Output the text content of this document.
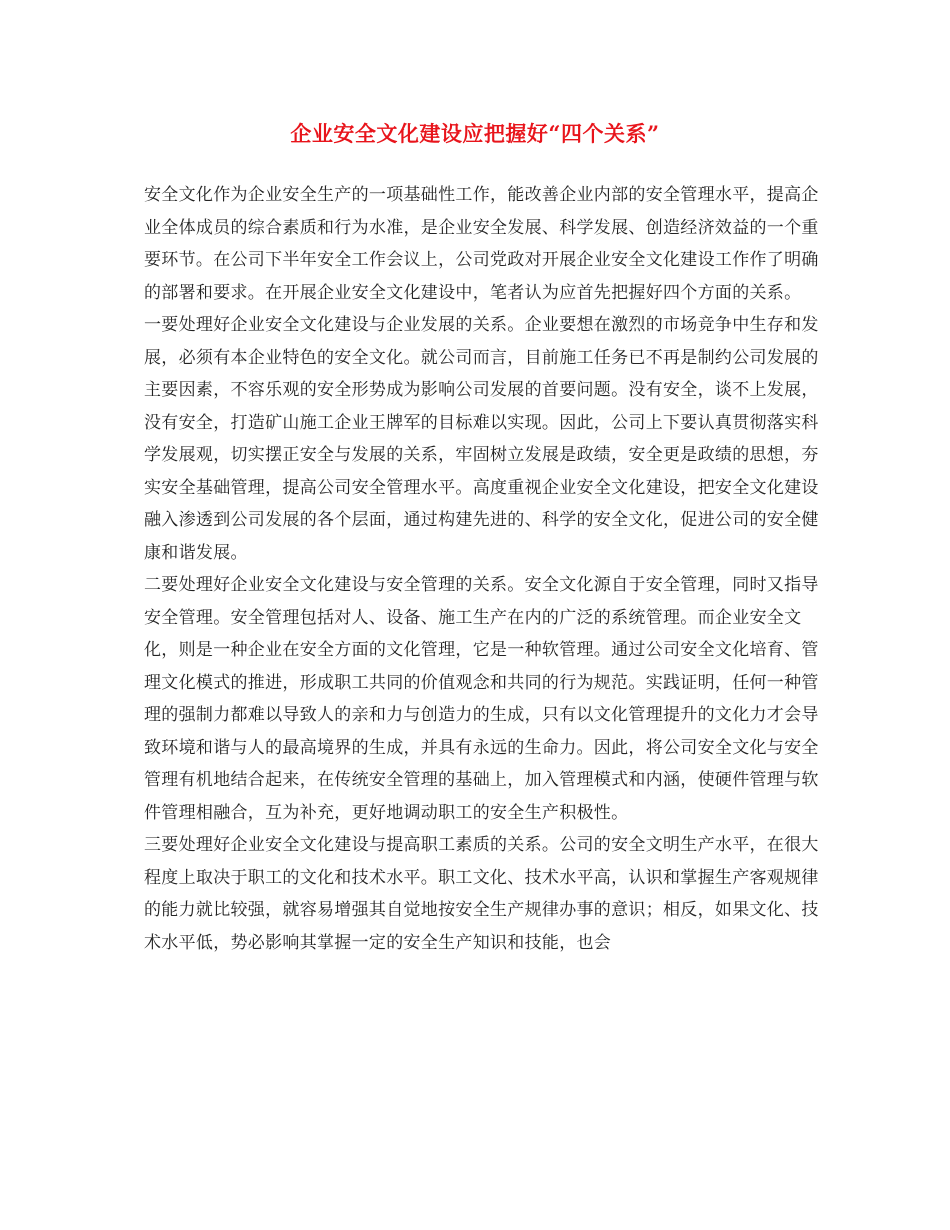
企业安全文化建设应把握好“四个关系”

安全文化作为企业安全生产的一项基础性工作，能改善企业内部的安全管理水平，提高企业全体成员的综合素质和行为水准，是企业安全发展、科学发展、创造经济效益的一个重要环节。在公司下半年安全工作会议上，公司党政对开展企业安全文化建设工作作了明确的部署和要求。在开展企业安全文化建设中，笔者认为应首先把握好四个方面的关系。

一要处理好企业安全文化建设与企业发展的关系。企业要想在激烈的市场竞争中生存和发展，必须有本企业特色的安全文化。就公司而言，目前施工任务已不再是制约公司发展的主要因素，不容乐观的安全形势成为影响公司发展的首要问题。没有安全，谈不上发展，没有安全，打造矿山施工企业王牌军的目标难以实现。因此，公司上下要认真贯彻落实科学发展观，切实摆正安全与发展的关系，牢固树立发展是政绩，安全更是政绩的思想，夯实安全基础管理，提高公司安全管理水平。高度重视企业安全文化建设，把安全文化建设融入渗透到公司发展的各个层面，通过构建先进的、科学的安全文化，促进公司的安全健康和谐发展。

二要处理好企业安全文化建设与安全管理的关系。安全文化源自于安全管理，同时又指导安全管理。安全管理包括对人、设备、施工生产在内的广泛的系统管理。而企业安全文化，则是一种企业在安全方面的文化管理，它是一种软管理。通过公司安全文化培育、管理文化模式的推进，形成职工共同的价值观念和共同的行为规范。实践证明，任何一种管理的强制力都难以导致人的亲和力与创造力的生成，只有以文化管理提升的文化力才会导致环境和谐与人的最高境界的生成，并具有永远的生命力。因此，将公司安全文化与安全管理有机地结合起来，在传统安全管理的基础上，加入管理模式和内涵，使硬件管理与软件管理相融合，互为补充，更好地调动职工的安全生产积极性。

三要处理好企业安全文化建设与提高职工素质的关系。公司的安全文明生产水平，在很大程度上取决于职工的文化和技术水平。职工文化、技术水平高，认识和掌握生产客观规律的能力就比较强，就容易增强其自觉地按安全生产规律办事的意识；相反，如果文化、技术水平低，势必影响其掌握一定的安全生产知识和技能，也会
